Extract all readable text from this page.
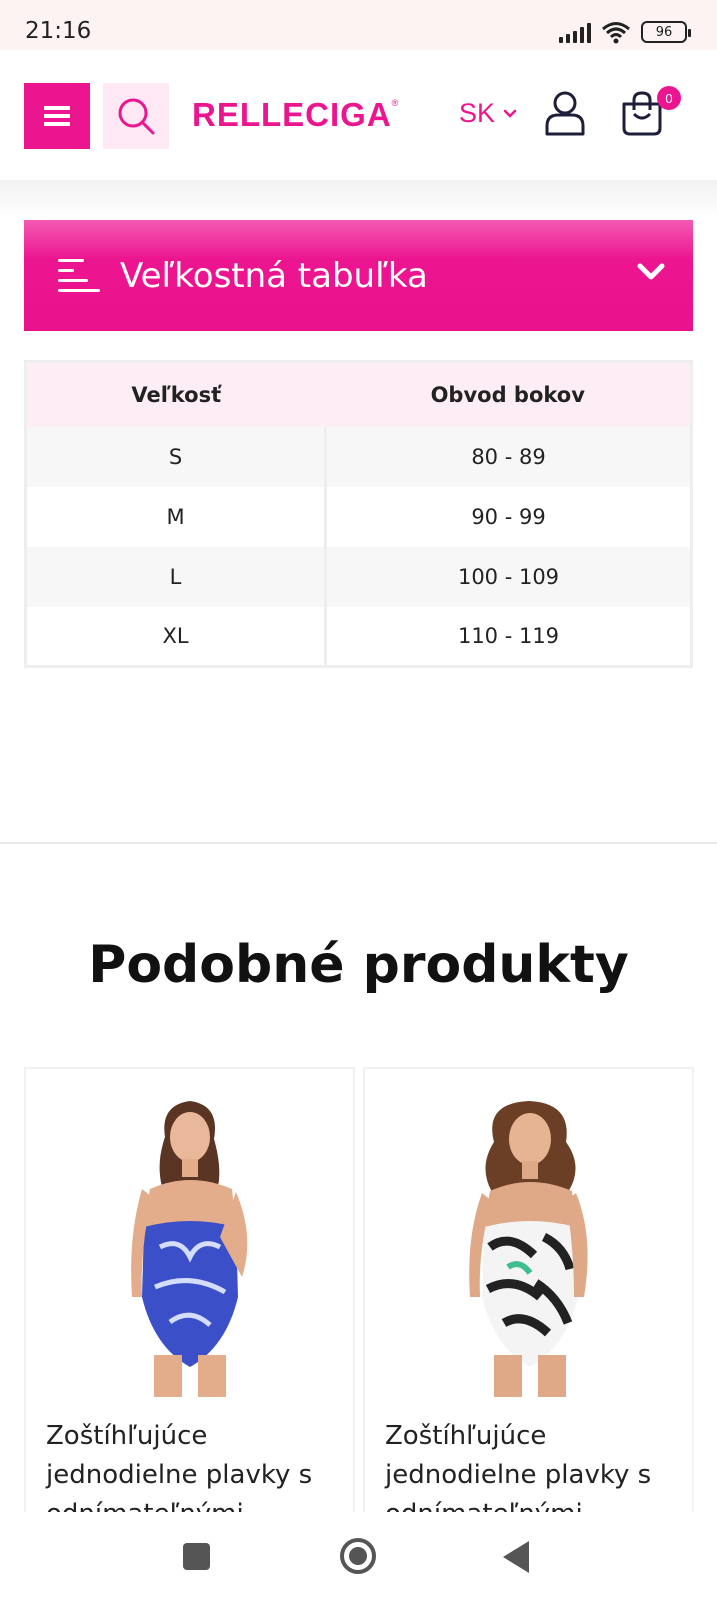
21:16	96
RELLECIGA® SK	0
Veľkostná tabuľka
Veľkosť	Obvod bokov
S	80 - 89
M	90 - 99
L	100 - 109
XL	110 - 119
Podobné produkty
Zoštíhľujúce jednodielne plavky s
Zoštíhľujúce jednodielne plavky s
